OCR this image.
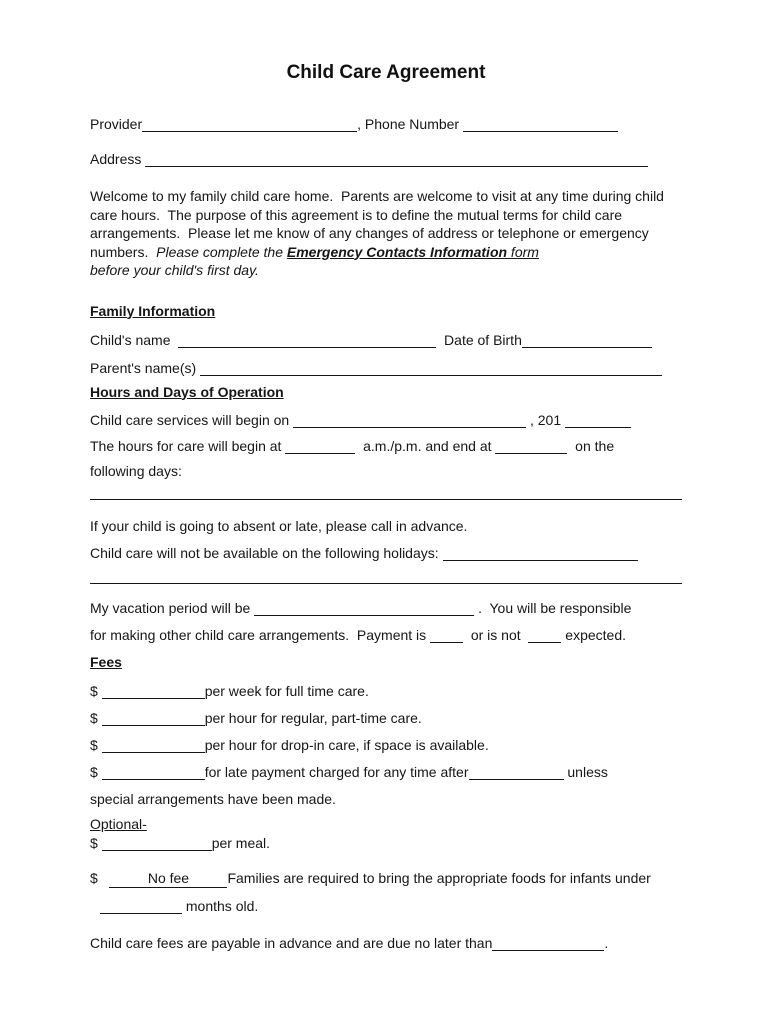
Child Care Agreement
Provider	, Phone Number
Address

Welcome to my family child care home.  Parents are welcome to visit at any time during child care hours.  The purpose of this agreement is to define the mutual terms for child care arrangements.  Please let me know of any changes of address or telephone or emergency numbers.  Please complete the Emergency Contacts Information form
before your child's first day.

Family Information
Child's name	Date of Birth
Parent's name(s)
Hours and Days of Operation
Child care services will begin on	, 201
The hours for care will begin at	a.m./p.m. and end at	on the
following days:
If your child is going to absent or late, please call in advance.
Child care will not be available on the following holidays:
My vacation period will be	.  You will be responsible
for making other child care arrangements.  Payment is   or is not   expected.
Fees
$	per week for full time care.
$	per hour for regular, part-time care.
$	per hour for drop-in care, if space is available.
$	for late payment charged for any time after	unless
special arrangements have been made.
Optional-
$	per meal.
$	No fee	Families are required to bring the appropriate foods for infants under
months old.
Child care fees are payable in advance and are due no later than	.
